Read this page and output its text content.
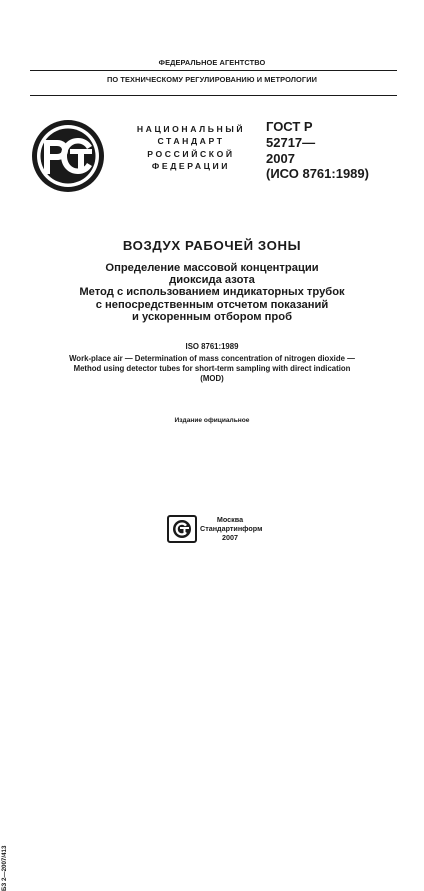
ФЕДЕРАЛЬНОЕ АГЕНТСТВО
ПО ТЕХНИЧЕСКОМУ РЕГУЛИРОВАНИЮ И МЕТРОЛОГИИ
НАЦИОНАЛЬНЫЙ
СТАНДАРТ
РОССИЙСКОЙ
ФЕДЕРАЦИИ
ГОСТ Р
52717—
2007
(ИСО 8761:1989)
ВОЗДУХ РАБОЧЕЙ ЗОНЫ
Определение массовой концентрации
диоксида азота
Метод с использованием индикаторных трубок
с непосредственным отсчетом показаний
и ускоренным отбором проб
ISO 8761:1989
Work-place air — Determination of mass concentration of nitrogen dioxide —
Method using detector tubes for short-term sampling with direct indication
(MOD)
Издание официальное
БЗ 2—2007/413
Москва
Стандартинформ
2007
